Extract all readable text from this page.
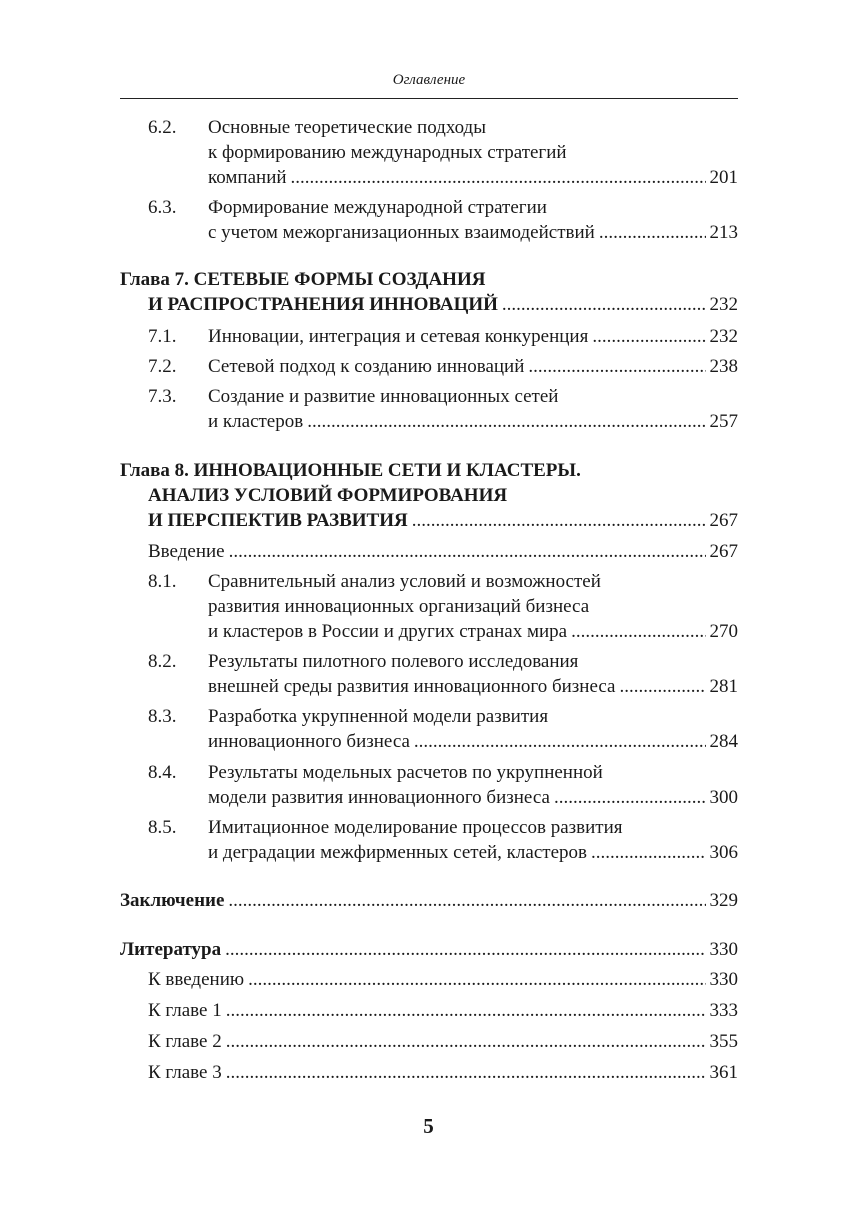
Оглавление
6.2. Основные теоретические подходы
к формированию международных стратегий
компаний .....	201
6.3. Формирование международной стратегии
с учетом межорганизационных взаимодействий .....	213
Глава 7. СЕТЕВЫЕ ФОРМЫ СОЗДАНИЯ
И РАСПРОСТРАНЕНИЯ ИННОВАЦИЙ .....	232
7.1. Инновации, интеграция и сетевая конкуренция .....	232
7.2. Сетевой подход к созданию инноваций .....	238
7.3. Создание и развитие инновационных сетей
и кластеров .....	257
Глава 8. ИННОВАЦИОННЫЕ СЕТИ И КЛАСТЕРЫ.
АНАЛИЗ УСЛОВИЙ ФОРМИРОВАНИЯ
И ПЕРСПЕКТИВ РАЗВИТИЯ .....	267
Введение .....	267
8.1. Сравнительный анализ условий и возможностей
развития инновационных организаций бизнеса
и кластеров в России и других странах мира .....	270
8.2. Результаты пилотного полевого исследования
внешней среды развития инновационного бизнеса .....	281
8.3. Разработка укрупненной модели развития
инновационного бизнеса .....	284
8.4. Результаты модельных расчетов по укрупненной
модели развития инновационного бизнеса .....	300
8.5. Имитационное моделирование процессов развития
и деградации межфирменных сетей, кластеров .....	306
Заключение .....	329
Литература .....	330
К введению .....	330
К главе 1 .....	333
К главе 2 .....	355
К главе 3 .....	361
5
